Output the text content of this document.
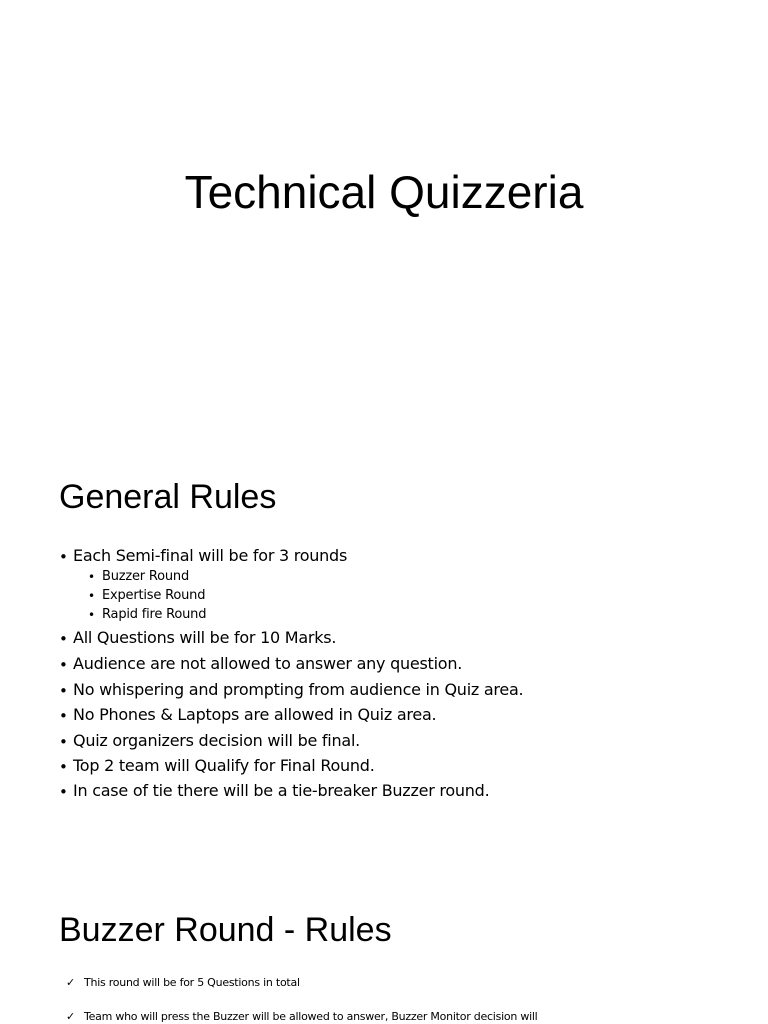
Technical Quizzeria
General Rules
• Each Semi-final will be for 3 rounds
• Buzzer Round
• Expertise Round
• Rapid fire Round
• All Questions will be for 10 Marks.
• Audience are not allowed to answer any question.
• No whispering and prompting from audience in Quiz area.
• No Phones & Laptops are allowed in Quiz area.
• Quiz organizers decision will be final.
• Top 2 team will Qualify for Final Round.
• In case of tie there will be a tie-breaker Buzzer round.
Buzzer Round - Rules
✓ This round will be for 5 Questions in total
✓ Team who will press the Buzzer will be allowed to answer, Buzzer Monitor decision will
